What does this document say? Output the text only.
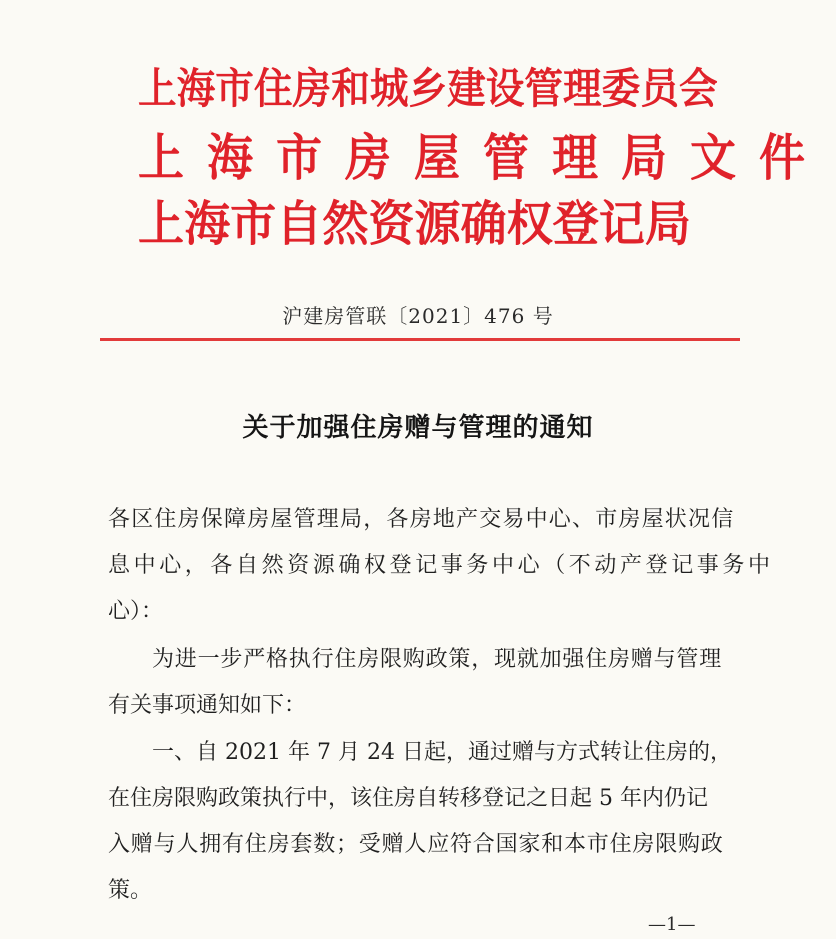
上海市住房和城乡建设管理委员会
上海市房屋管理局文件
上海市自然资源确权登记局
沪建房管联〔2021〕476 号
关于加强住房赠与管理的通知
各区住房保障房屋管理局，各房地产交易中心、市房屋状况信
息中心，各自然资源确权登记事务中心（不动产登记事务中
心）：
为进一步严格执行住房限购政策，现就加强住房赠与管理
有关事项通知如下：
一、自 2021 年 7 月 24 日起，通过赠与方式转让住房的，
在住房限购政策执行中，该住房自转移登记之日起 5 年内仍记
入赠与人拥有住房套数；受赠人应符合国家和本市住房限购政
策。
—1—
